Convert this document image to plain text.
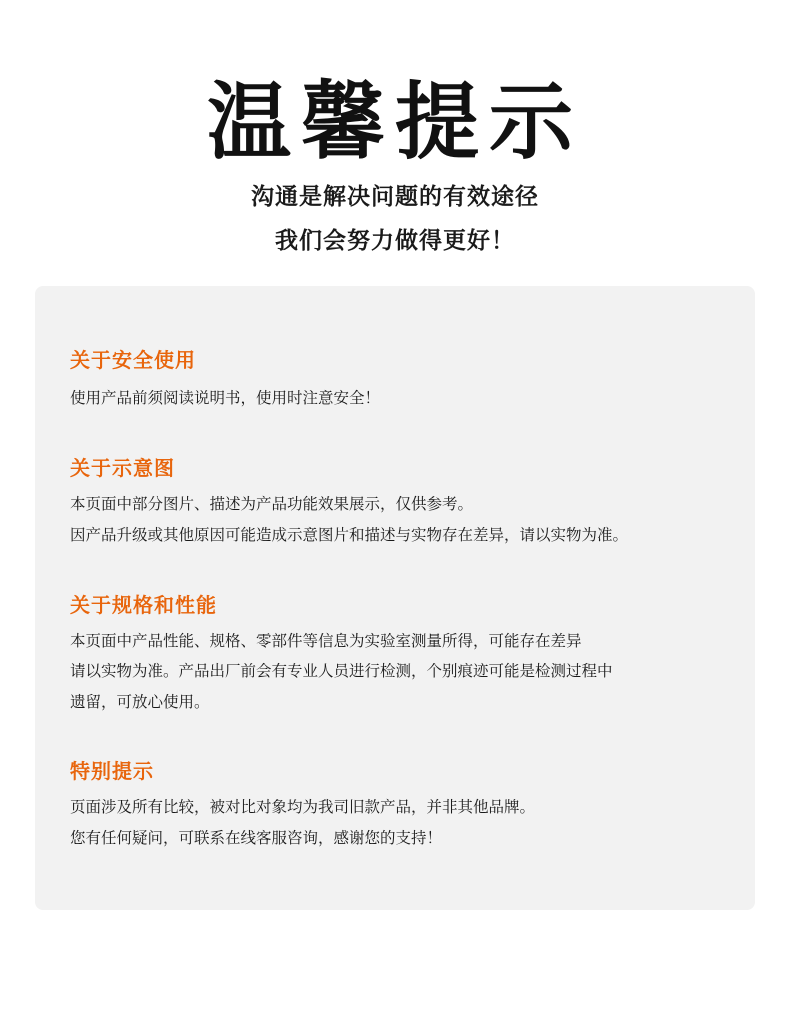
温馨提示
沟通是解决问题的有效途径
我们会努力做得更好！
关于安全使用
使用产品前须阅读说明书，使用时注意安全！
关于示意图
本页面中部分图片、描述为产品功能效果展示，仅供参考。
因产品升级或其他原因可能造成示意图片和描述与实物存在差异，请以实物为准。
关于规格和性能
本页面中产品性能、规格、零部件等信息为实验室测量所得，可能存在差异
请以实物为准。产品出厂前会有专业人员进行检测，个别痕迹可能是检测过程中
遗留，可放心使用。
特别提示
页面涉及所有比较，被对比对象均为我司旧款产品，并非其他品牌。
您有任何疑问，可联系在线客服咨询，感谢您的支持！
